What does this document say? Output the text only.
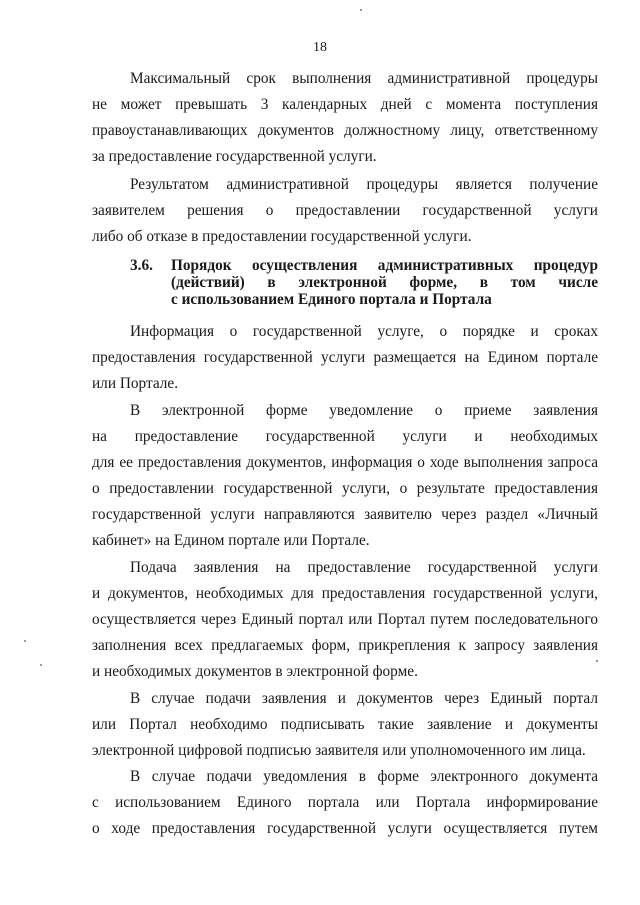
18
Максимальный срок выполнения административной процедуры
не может превышать 3 календарных дней с момента поступления
правоустанавливающих документов должностному лицу, ответственному
за предоставление государственной услуги.
Результатом административной процедуры является получение
заявителем решения о предоставлении государственной услуги
либо об отказе в предоставлении государственной услуги.
3.6. Порядок осуществления административных процедур
(действий) в электронной форме, в том числе
с использованием Единого портала и Портала
Информация о государственной услуге, о порядке и сроках
предоставления государственной услуги размещается на Едином портале
или Портале.
В электронной форме уведомление о приеме заявления
на предоставление государственной услуги и необходимых
для ее предоставления документов, информация о ходе выполнения запроса
о предоставлении государственной услуги, о результате предоставления
государственной услуги направляются заявителю через раздел «Личный
кабинет» на Едином портале или Портале.
Подача заявления на предоставление государственной услуги
и документов, необходимых для предоставления государственной услуги,
осуществляется через Единый портал или Портал путем последовательного
заполнения всех предлагаемых форм, прикрепления к запросу заявления
и необходимых документов в электронной форме.
В случае подачи заявления и документов через Единый портал
или Портал необходимо подписывать такие заявление и документы
электронной цифровой подписью заявителя или уполномоченного им лица.
В случае подачи уведомления в форме электронного документа
с использованием Единого портала или Портала информирование
о ходе предоставления государственной услуги осуществляется путем
